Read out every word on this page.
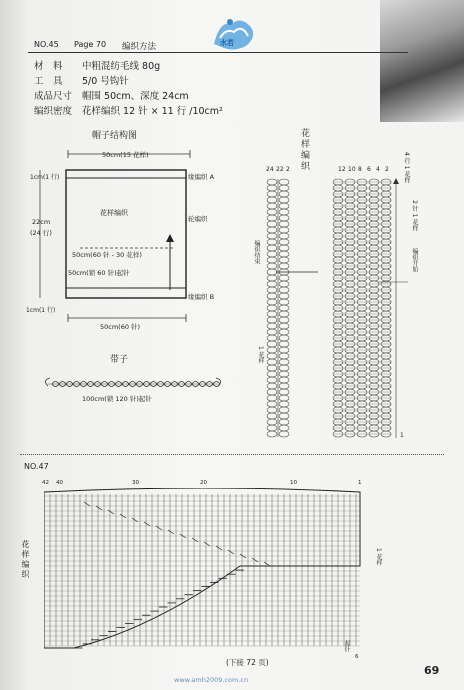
水若
NO.45 Page 70 编织方法
材　料 中粗混纺毛线 80g
工　具 5/0 号钩针
成品尺寸 帽围 50cm、深度 24cm
编织密度 花样编织 12 针 × 11 行 /10cm²
帽子结构图
50cm(15 花样)
缘编织 A
1cm(1 行)
花样编织
轮编织
22cm
(24 行)
50cm(60 针 - 30 花样)
50cm(锁 60 针)起针
缘编织 B
1cm(1 行)
50cm(60 针)
带子
100cm(锁 120 针)起针
花样编织
24 22 2	12 10 8 6 4 2 4 行 1 花样
2 针 1 花样
编织开始
编织结束
1 花样
1
NO.47
42 40	30	20	10	1
6
花样编织	1 花样
起针
(下接 72 页)
69
www.amh2009.com.cn
